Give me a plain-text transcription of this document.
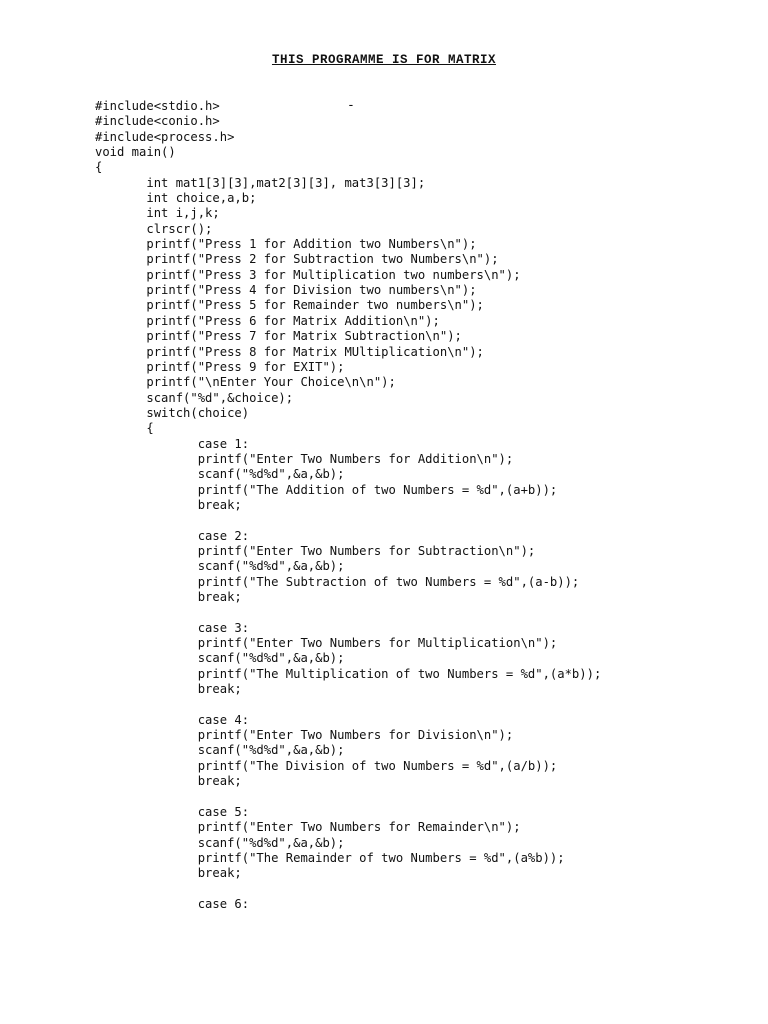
THIS PROGRAMME IS FOR MATRIX
-
#include<stdio.h>
#include<conio.h>
#include<process.h>
void main()
{
int mat1[3][3],mat2[3][3], mat3[3][3];
int choice,a,b;
int i,j,k;
clrscr();
printf("Press 1 for Addition two Numbers\n");
printf("Press 2 for Subtraction two Numbers\n");
printf("Press 3 for Multiplication two numbers\n");
printf("Press 4 for Division two numbers\n");
printf("Press 5 for Remainder two numbers\n");
printf("Press 6 for Matrix Addition\n");
printf("Press 7 for Matrix Subtraction\n");
printf("Press 8 for Matrix MUltiplication\n");
printf("Press 9 for EXIT");
printf("\nEnter Your Choice\n\n");
scanf("%d",&choice);
switch(choice)
{
case 1:
printf("Enter Two Numbers for Addition\n");
scanf("%d%d",&a,&b);
printf("The Addition of two Numbers = %d",(a+b));
break;
case 2:
printf("Enter Two Numbers for Subtraction\n");
scanf("%d%d",&a,&b);
printf("The Subtraction of two Numbers = %d",(a-b));
break;
case 3:
printf("Enter Two Numbers for Multiplication\n");
scanf("%d%d",&a,&b);
printf("The Multiplication of two Numbers = %d",(a*b));
break;
case 4:
printf("Enter Two Numbers for Division\n");
scanf("%d%d",&a,&b);
printf("The Division of two Numbers = %d",(a/b));
break;
case 5:
printf("Enter Two Numbers for Remainder\n");
scanf("%d%d",&a,&b);
printf("The Remainder of two Numbers = %d",(a%b));
break;
case 6:
